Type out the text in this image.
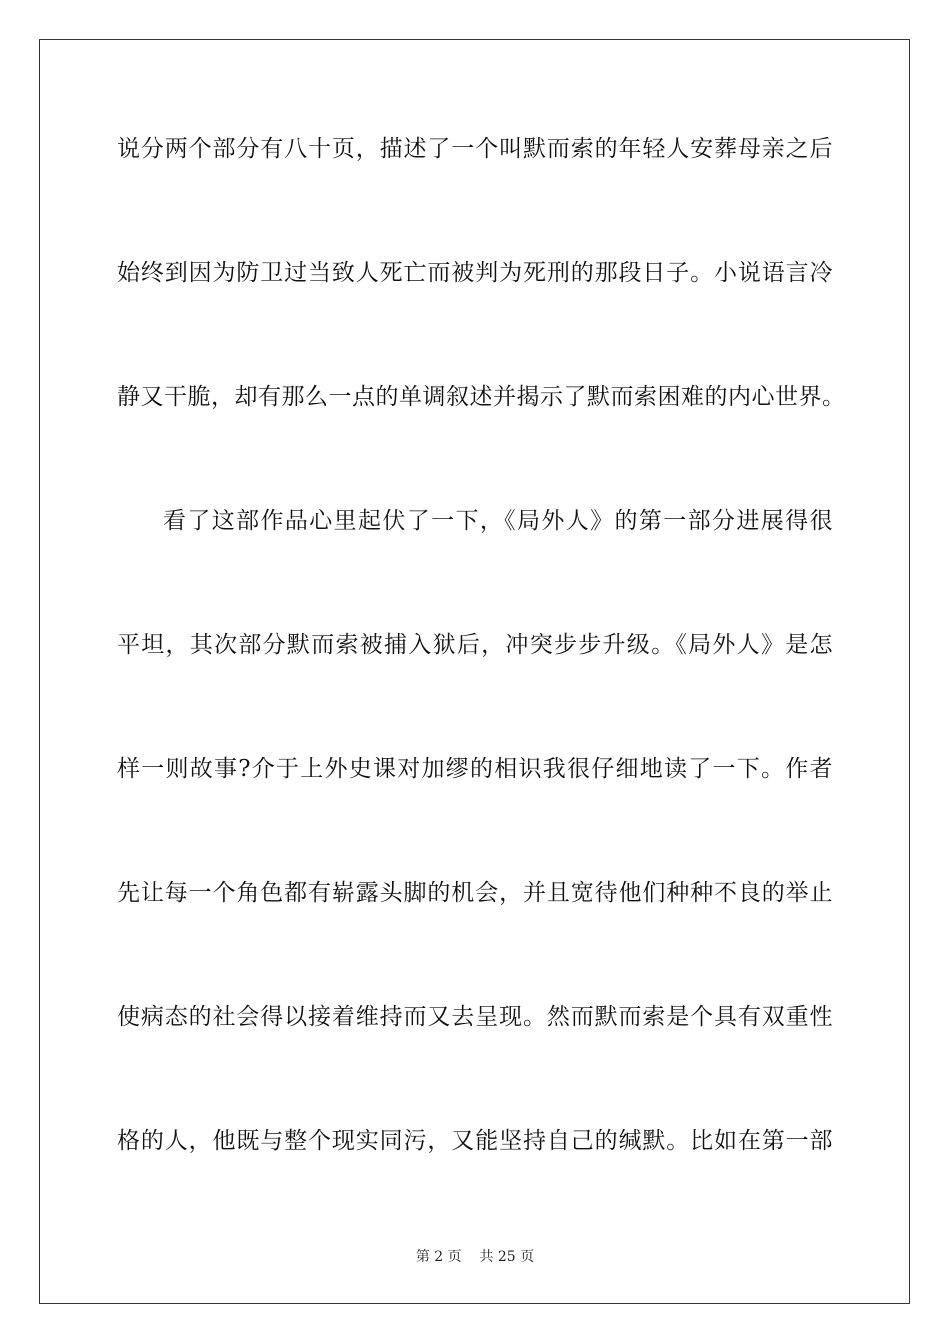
说分两个部分有八十页，描述了一个叫默而索的年轻人安葬母亲之后
始终到因为防卫过当致人死亡而被判为死刑的那段日子。小说语言冷
静又干脆，却有那么一点的单调叙述并揭示了默而索困难的内心世界。
看了这部作品心里起伏了一下，《局外人》的第一部分进展得很
平坦，其次部分默而索被捕入狱后，冲突步步升级。《局外人》是怎
样一则故事?介于上外史课对加缪的相识我很仔细地读了一下。作者
先让每一个角色都有崭露头脚的机会，并且宽待他们种种不良的举止
使病态的社会得以接着维持而又去呈现。然而默而索是个具有双重性
格的人，他既与整个现实同污，又能坚持自己的缄默。比如在第一部
第 2 页    共 25 页
